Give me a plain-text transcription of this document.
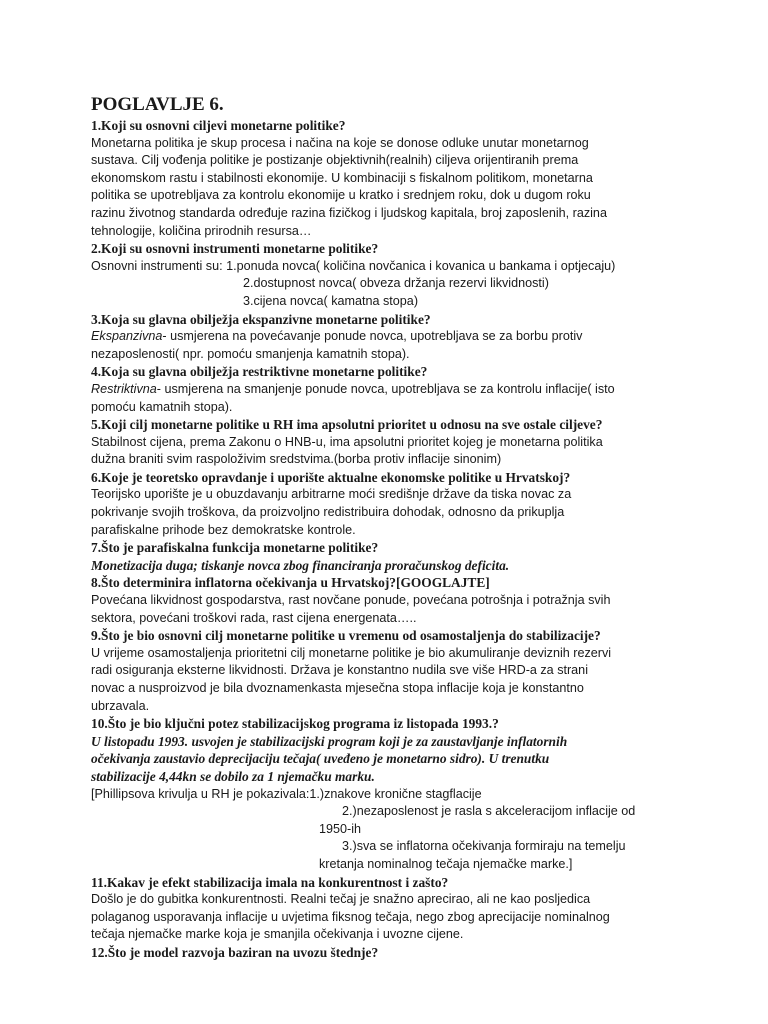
POGLAVLJE 6.
1.Koji su osnovni ciljevi monetarne politike?
Monetarna politika je skup procesa i načina na koje se donose odluke unutar monetarnog
sustava. Cilj vođenja politike je postizanje objektivnih(realnih) ciljeva orijentiranih prema
ekonomskom rastu i stabilnosti ekonomije. U kombinaciji s fiskalnom politikom, monetarna
politika se upotrebljava za kontrolu ekonomije u kratko i srednjem roku, dok u dugom roku
razinu životnog standarda određuje razina fizičkog i ljudskog kapitala, broj zaposlenih, razina
tehnologije, količina prirodnih resursa…
2.Koji su osnovni instrumenti monetarne politike?
Osnovni instrumenti su: 1.ponuda novca( količina novčanica i kovanica u bankama i optjecaju)
2.dostupnost novca( obveza držanja rezervi likvidnosti)
3.cijena novca( kamatna stopa)
3.Koja su glavna obilježja ekspanzivne monetarne politike?
Ekspanzivna- usmjerena na povećavanje ponude novca, upotrebljava se za borbu protiv
nezaposlenosti( npr. pomoću smanjenja kamatnih stopa).
4.Koja su glavna obilježja restriktivne monetarne politike?
Restriktivna- usmjerena na smanjenje ponude novca, upotrebljava se za kontrolu inflacije( isto
pomoću kamatnih stopa).
5.Koji cilj monetarne politike u RH ima apsolutni prioritet u odnosu na sve ostale ciljeve?
Stabilnost cijena, prema Zakonu o HNB-u, ima apsolutni prioritet kojeg je monetarna politika
dužna braniti svim raspoloživim sredstvima.(borba protiv inflacije sinonim)
6.Koje je teoretsko opravdanje i uporište aktualne ekonomske politike u Hrvatskoj?
Teorijsko uporište je u obuzdavanju arbitrarne moći središnje države da tiska novac za
pokrivanje svojih troškova, da proizvoljno redistribuira dohodak, odnosno da prikuplja
parafiskalne prihode bez demokratske kontrole.
7.Što je parafiskalna funkcija monetarne politike?
Monetizacija duga; tiskanje novca zbog financiranja proračunskog deficita.
8.Što determinira inflatorna očekivanja u Hrvatskoj?[GOOGLAJTE]
Povećana likvidnost gospodarstva, rast novčane ponude, povećana potrošnja i potražnja svih
sektora, povećani troškovi rada, rast cijena energenata…..
9.Što je bio osnovni cilj monetarne politike u vremenu od osamostaljenja do stabilizacije?
U vrijeme osamostaljenja prioritetni cilj monetarne politike je bio akumuliranje deviznih rezervi
radi osiguranja eksterne likvidnosti. Država je konstantno nudila sve više HRD-a za strani
novac a nusproizvod je bila dvoznamenkasta mjesečna stopa inflacije koja je konstantno
ubrzavala.
10.Što je bio ključni potez stabilizacijskog programa iz listopada 1993.?
U listopadu 1993. usvojen je stabilizacijski program koji je za zaustavljanje inflatornih
očekivanja zaustavio deprecijaciju tečaja( uveđeno je monetarno sidro). U trenutku
stabilizacije 4,44kn se dobilo za 1 njemačku marku.
[Phillipsova krivulja u RH je pokazivala:1.)znakove kronične stagflacije
2.)nezaposlenost je rasla s akceleracijom inflacije od
1950-ih
3.)sva se inflatorna očekivanja formiraju na temelju
kretanja nominalnog tečaja njemačke marke.]
11.Kakav je efekt stabilizacija imala na konkurentnost i zašto?
Došlo je do gubitka konkurentnosti. Realni tečaj je snažno aprecirao, ali ne kao posljedica
polaganog usporavanja inflacije u uvjetima fiksnog tečaja, nego zbog aprecijacije nominalnog
tečaja njemačke marke koja je smanjila očekivanja i uvozne cijene.
12.Što je model razvoja baziran na uvozu štednje?
